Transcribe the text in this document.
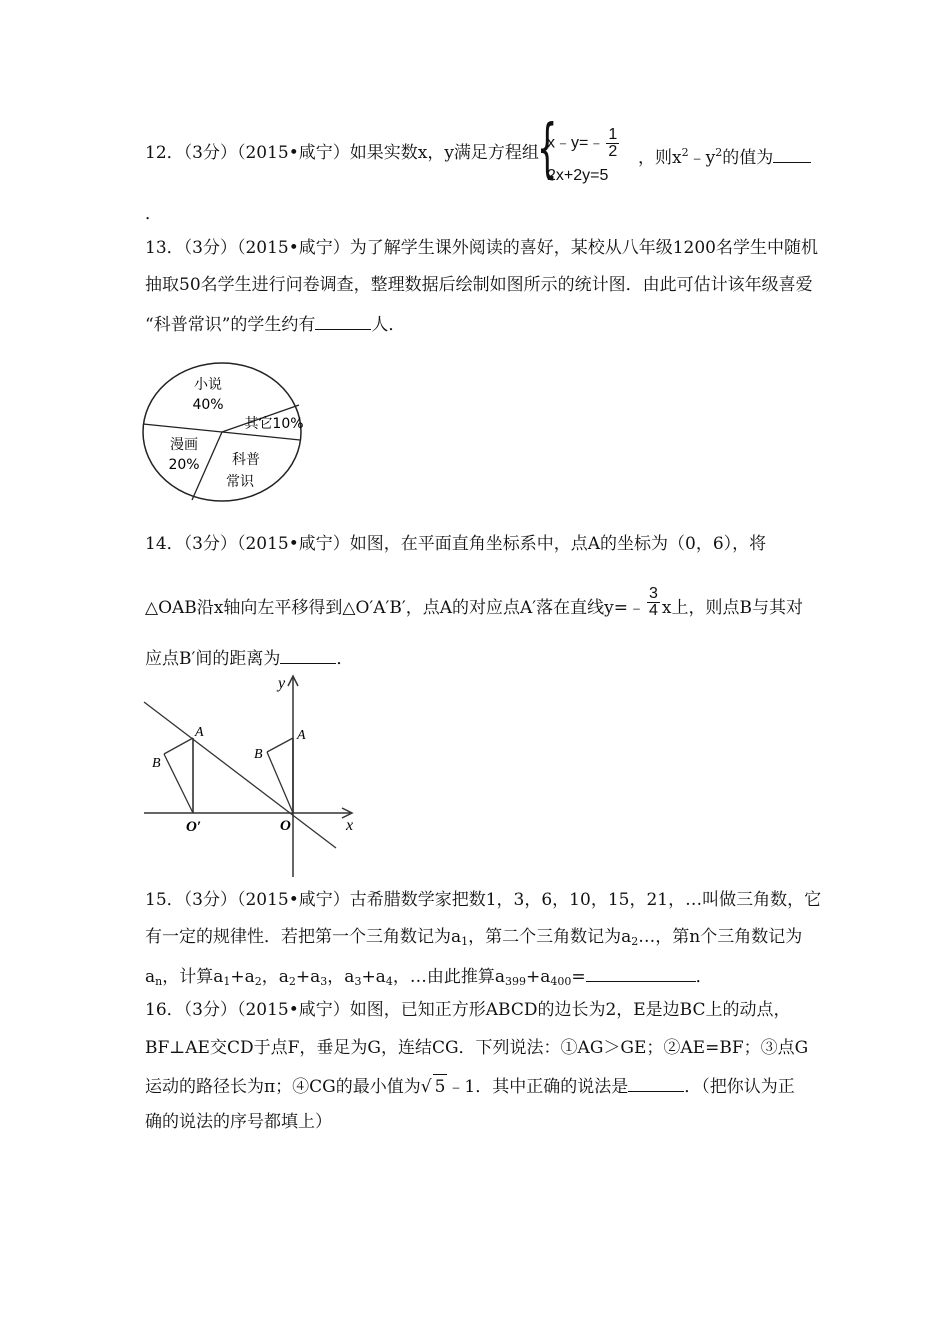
12．（3分）（2015•咸宁）如果实数x，y满足方程组
{
x﹣y=﹣ $\frac{1}{2}$
2x+2y=5
，则$x^2﹣y^2$的值为
．
13．（3分）（2015•咸宁）为了解学生课外阅读的喜好，某校从八年级1200名学生中随机
抽取50名学生进行问卷调查，整理数据后绘制如图所示的统计图．由此可估计该年级喜爱
“科普常识”的学生约有	人．
小说
40%
其它10%
科普
常识
漫画
20%
14．（3分）（2015•咸宁）如图，在平面直角坐标系中，点A的坐标为（0，6），将
△OAB沿x轴向左平移得到△O′A′B′，点A的对应点A′落在直线y=﹣ $\frac{3}{4}$ x上，则点B与其对
应点B′间的距离为	．
y
x
O
A
B
O′
A
B
15．（3分）（2015•咸宁）古希腊数学家把数1，3，6，10，15，21，…叫做三角数，它
有一定的规律性．若把第一个三角数记为$a_1$，第二个三角数记为$a_2\dots$，第n个三角数记为
$a_n$，计算$a_1+a_2$，$a_2+a_3$，$a_3+a_4$，…由此推算$a_{399}+a_{400}=$	．
16．（3分）（2015•咸宁）如图，已知正方形ABCD的边长为2，E是边BC上的动点，
BF⊥AE交CD于点F，垂足为G，连结CG．下列说法：①AG＞GE；②AE=BF；③点G
运动的路径长为π；④CG的最小值为√ 5 ﹣1．其中正确的说法是	．（把你认为正
确的说法的序号都填上）
